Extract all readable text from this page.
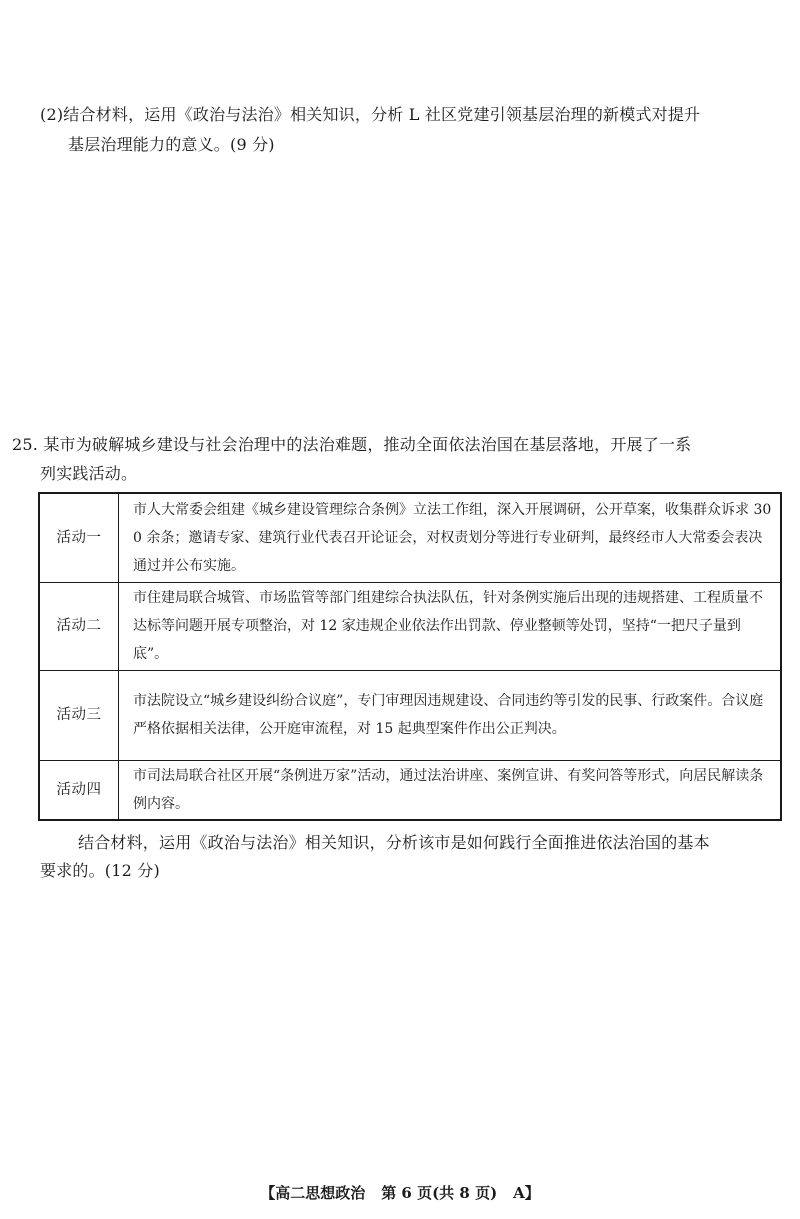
(2)结合材料，运用《政治与法治》相关知识，分析 L 社区党建引领基层治理的新模式对提升
基层治理能力的意义。(9 分)
25. 某市为破解城乡建设与社会治理中的法治难题，推动全面依法治国在基层落地，开展了一系
列实践活动。
活动一	市人大常委会组建《城乡建设管理综合条例》立法工作组，深入开展调研，公开草案，收集群众诉求 300 余条；邀请专家、建筑行业代表召开论证会，对权责划分等进行专业研判，最终经市人大常委会表决通过并公布实施。
活动二	市住建局联合城管、市场监管等部门组建综合执法队伍，针对条例实施后出现的违规搭建、工程质量不达标等问题开展专项整治，对 12 家违规企业依法作出罚款、停业整顿等处罚，坚持“一把尺子量到底”。
活动三	市法院设立“城乡建设纠纷合议庭”，专门审理因违规建设、合同违约等引发的民事、行政案件。合议庭严格依据相关法律，公开庭审流程，对 15 起典型案件作出公正判决。
活动四	市司法局联合社区开展“条例进万家”活动，通过法治讲座、案例宣讲、有奖问答等形式，向居民解读条例内容。
结合材料，运用《政治与法治》相关知识，分析该市是如何践行全面推进依法治国的基本
要求的。(12 分)
【高二思想政治 第 6 页(共 8 页) A】
